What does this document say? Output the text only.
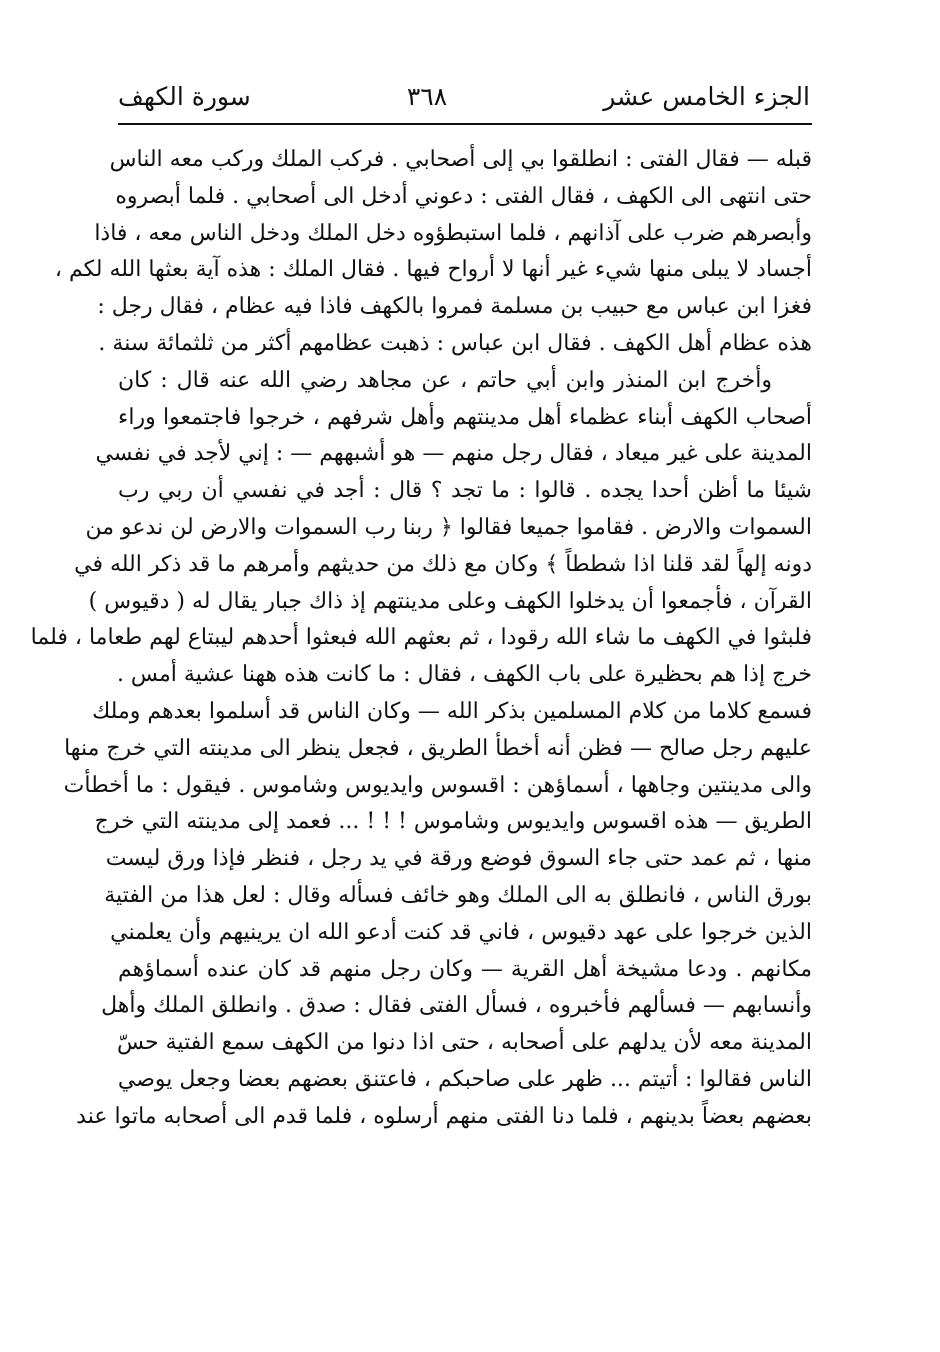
الجزء الخامس عشر
٣٦٨
سورة الكهف
قبله — فقال الفتى : انطلقوا بي إلى أصحابي . فركب الملك وركب معه الناس
حتى انتهى الى الكهف ، فقال الفتى : دعوني أدخل الى أصحابي . فلما أبصروه
وأبصرهم ضرب على آذانهم ، فلما استبطؤوه دخل الملك ودخل الناس معه ، فاذا
أجساد لا يبلى منها شيء غير أنها لا أرواح فيها . فقال الملك : هذه آية بعثها الله لكم ،
فغزا ابن عباس مع حبيب بن مسلمة فمروا بالكهف فاذا فيه عظام ، فقال رجل :
هذه عظام أهل الكهف . فقال ابن عباس : ذهبت عظامهم أكثر من ثلثمائة سنة .
وأخرج ابن المنذر وابن أبي حاتم ، عن مجاهد رضي الله عنه قال : كان
أصحاب الكهف أبناء عظماء أهل مدينتهم وأهل شرفهم ، خرجوا فاجتمعوا وراء
المدينة على غير ميعاد ، فقال رجل منهم — هو أشبههم — : إني لأجد في نفسي
شيئا ما أظن أحدا يجده . قالوا : ما تجد ؟ قال : أجد في نفسي أن ربي رب
السموات والارض . فقاموا جميعا فقالوا ﴿ ربنا رب السموات والارض لن ندعو من
دونه إلهاً لقد قلنا اذا شططاً ﴾ وكان مع ذلك من حديثهم وأمرهم ما قد ذكر الله في
القرآن ، فأجمعوا أن يدخلوا الكهف وعلى مدينتهم إذ ذاك جبار يقال له ( دقيوس )
فلبثوا في الكهف ما شاء الله رقودا ، ثم بعثهم الله فبعثوا أحدهم ليبتاع لهم طعاما ، فلما
خرج إذا هم بحظيرة على باب الكهف ، فقال : ما كانت هذه ههنا عشية أمس .
فسمع كلاما من كلام المسلمين بذكر الله — وكان الناس قد أسلموا بعدهم وملك
عليهم رجل صالح — فظن أنه أخطأ الطريق ، فجعل ينظر الى مدينته التي خرج منها
والى مدينتين وجاهها ، أسماؤهن : اقسوس وايديوس وشاموس . فيقول : ما أخطأت
الطريق — هذه اقسوس وايديوس وشاموس ! ! ! ... فعمد إلى مدينته التي خرج
منها ، ثم عمد حتى جاء السوق فوضع ورقة في يد رجل ، فنظر فإذا ورق ليست
بورق الناس ، فانطلق به الى الملك وهو خائف فسأله وقال : لعل هذا من الفتية
الذين خرجوا على عهد دقيوس ، فاني قد كنت أدعو الله ان يرينيهم وأن يعلمني
مكانهم . ودعا مشيخة أهل القرية — وكان رجل منهم قد كان عنده أسماؤهم
وأنسابهم — فسألهم فأخبروه ، فسأل الفتى فقال : صدق . وانطلق الملك وأهل
المدينة معه لأن يدلهم على أصحابه ، حتى اذا دنوا من الكهف سمع الفتية حسّ
الناس فقالوا : أتيتم ... ظهر على صاحبكم ، فاعتنق بعضهم بعضا وجعل يوصي
بعضهم بعضاً بدينهم ، فلما دنا الفتى منهم أرسلوه ، فلما قدم الى أصحابه ماتوا عند
